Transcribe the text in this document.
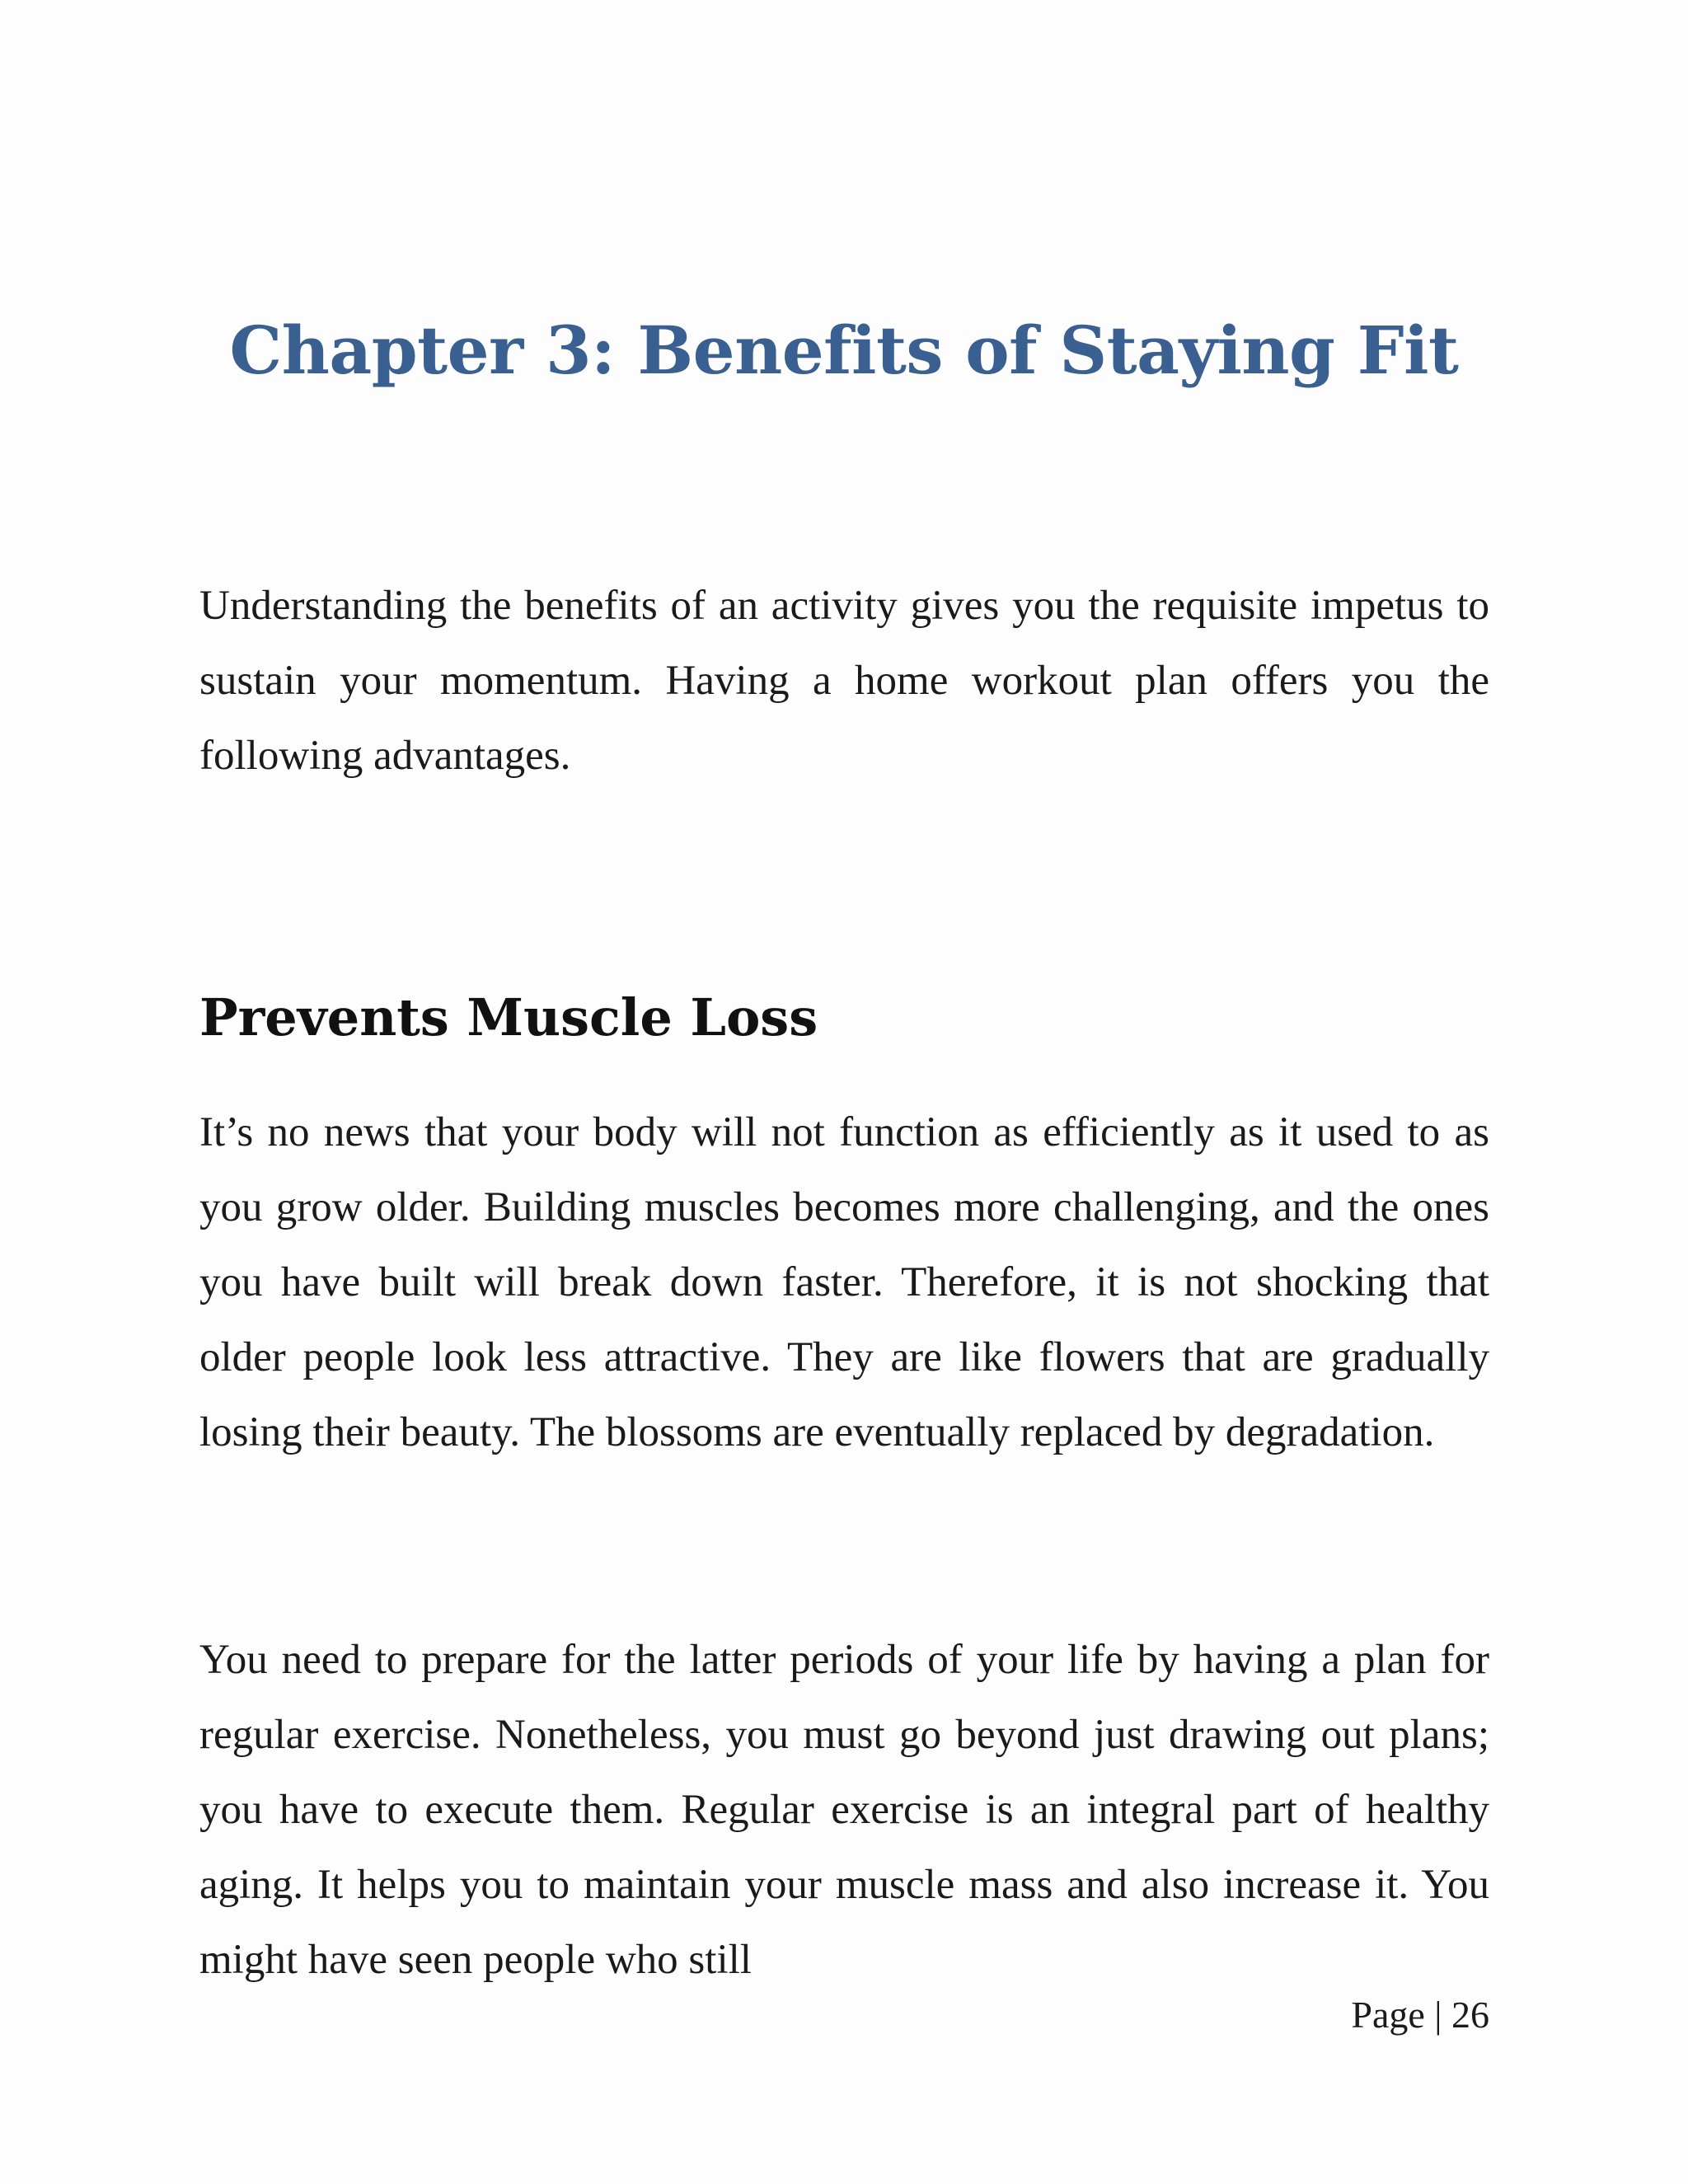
Chapter 3: Benefits of Staying Fit

Understanding the benefits of an activity gives you the requisite impetus to sustain your momentum. Having a home workout plan offers you the following advantages.

Prevents Muscle Loss

It’s no news that your body will not function as efficiently as it used to as you grow older. Building muscles becomes more challenging, and the ones you have built will break down faster. Therefore, it is not shocking that older people look less attractive. They are like flowers that are gradually losing their beauty. The blossoms are eventually replaced by degradation.

You need to prepare for the latter periods of your life by having a plan for regular exercise. Nonetheless, you must go beyond just drawing out plans; you have to execute them. Regular exercise is an integral part of healthy aging. It helps you to maintain your muscle mass and also increase it. You might have seen people who still

Page | 26
